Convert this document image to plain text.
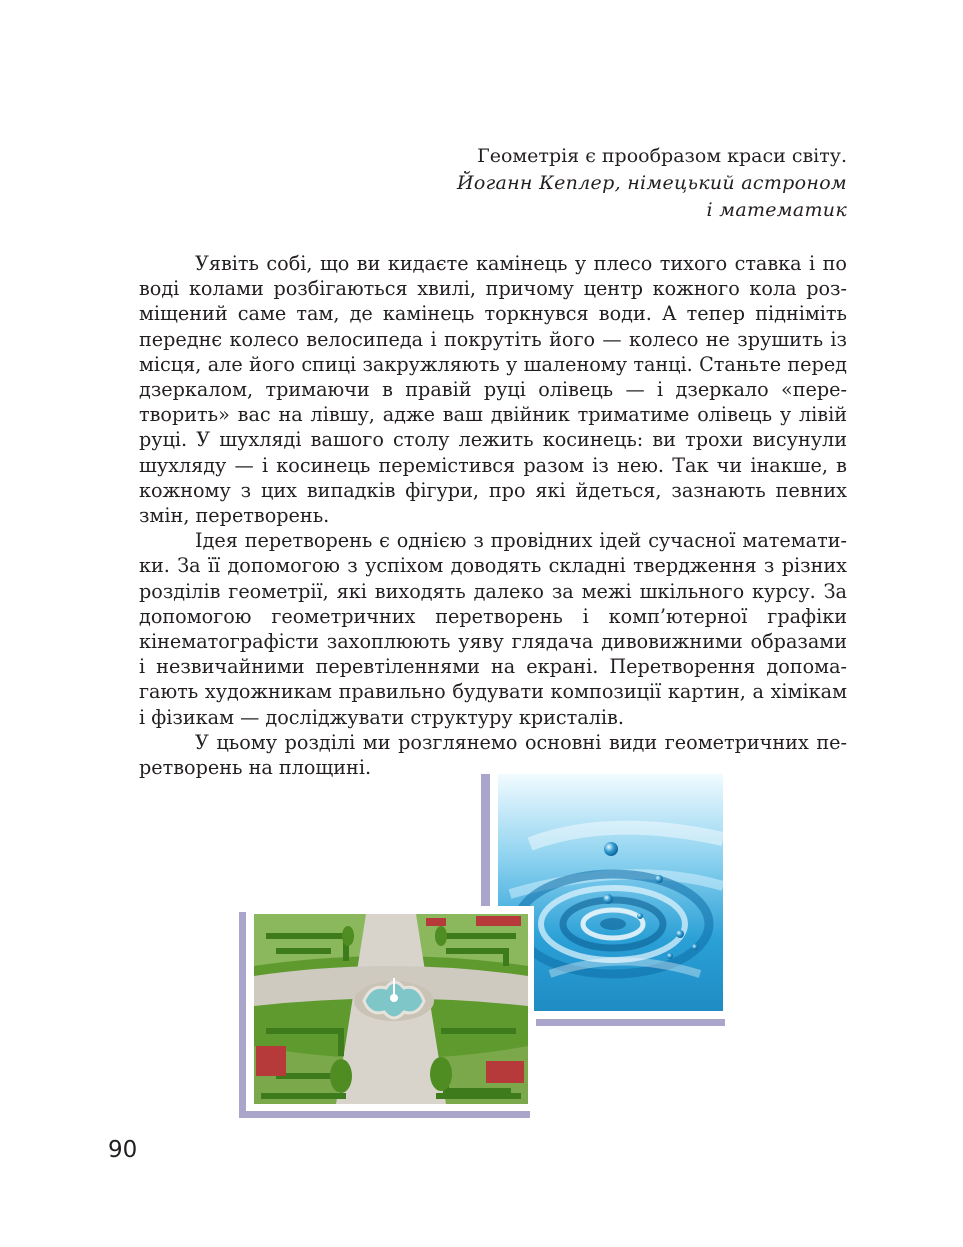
Геометрія є прообразом краси світу.
Йоганн Кеплер, німецький астроном
і математик

Уявіть собі, що ви кидаєте камінець у плесо тихого ставка і по воді колами розбігаються хвилі, причому центр кожного кола розміщений саме там, де камінець торкнувся води. А тепер підніміть переднє колесо велосипеда і покрутіть його — колесо не зрушить із місця, але його спиці закружляють у шаленому танці. Станьте перед дзеркалом, тримаючи в правій руці олівець — і дзеркало «перетворить» вас на лівшу, адже ваш двійник триматиме олівець у лівій руці. У шухляді вашого столу лежить косинець: ви трохи висунули шухляду — і косинець перемістився разом із нею. Так чи інакше, в кожному з цих випадків фігури, про які йдеться, зазнають певних змін, перетворень.

Ідея перетворень є однією з провідних ідей сучасної математики. За її допомогою з успіхом доводять складні твердження з різних розділів геометрії, які виходять далеко за межі шкільного курсу. За допомогою геометричних перетворень і комп’ютерної графіки кінематографісти захоплюють уяву глядача дивовижними образами і незвичайними перевтіленнями на екрані. Перетворення допомагають художникам правильно будувати композиції картин, а хімікам і фізикам — досліджувати структуру кристалів.

У цьому розділі ми розглянемо основні види геометричних перетворень на площині.

90
